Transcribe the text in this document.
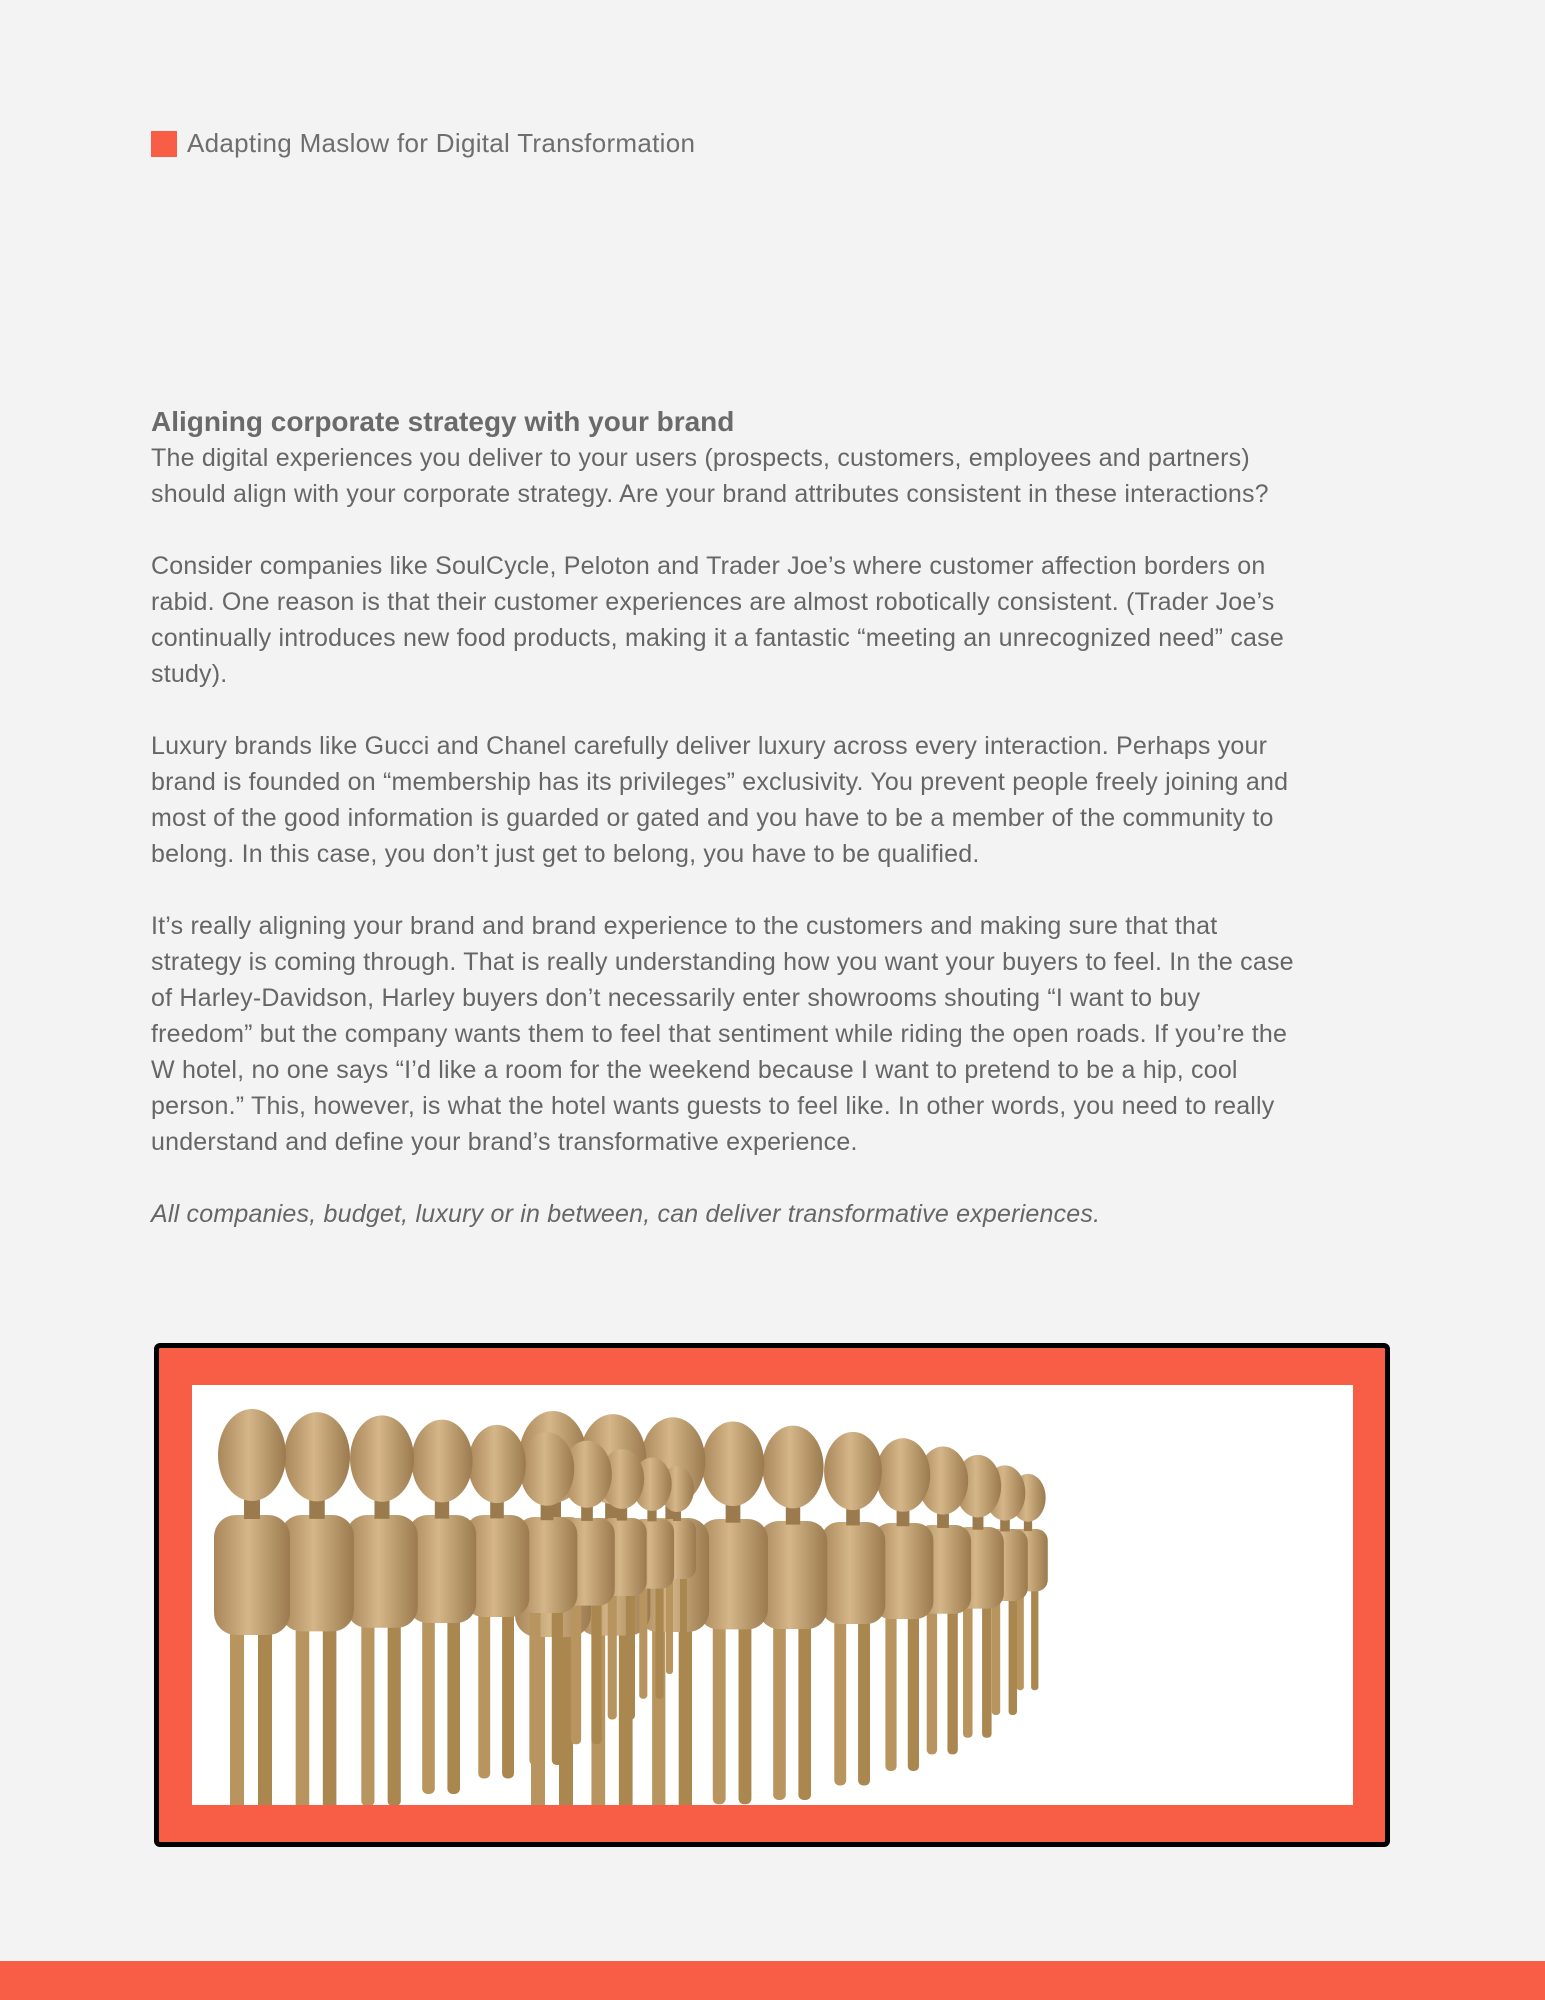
Adapting Maslow for Digital Transformation
Aligning corporate strategy with your brand

The digital experiences you deliver to your users (prospects, customers, employees and partners) should align with your corporate strategy. Are your brand attributes consistent in these interactions?

Consider companies like SoulCycle, Peloton and Trader Joe’s where customer affection borders on rabid. One reason is that their customer experiences are almost robotically consistent. (Trader Joe’s continually introduces new food products, making it a fantastic “meeting an unrecognized need” case study).

Luxury brands like Gucci and Chanel carefully deliver luxury across every interaction. Perhaps your brand is founded on “membership has its privileges” exclusivity. You prevent people freely joining and most of the good information is guarded or gated and you have to be a member of the community to belong. In this case, you don’t just get to belong, you have to be qualified.

It’s really aligning your brand and brand experience to the customers and making sure that that strategy is coming through. That is really understanding how you want your buyers to feel. In the case of Harley-Davidson, Harley buyers don’t necessarily enter showrooms shouting “I want to buy freedom” but the company wants them to feel that sentiment while riding the open roads. If you’re the W hotel, no one says “I’d like a room for the weekend because I want to pretend to be a hip, cool person.” This, however, is what the hotel wants guests to feel like. In other words, you need to really understand and define your brand’s transformative experience.

All companies, budget, luxury or in between, can deliver transformative experiences.
